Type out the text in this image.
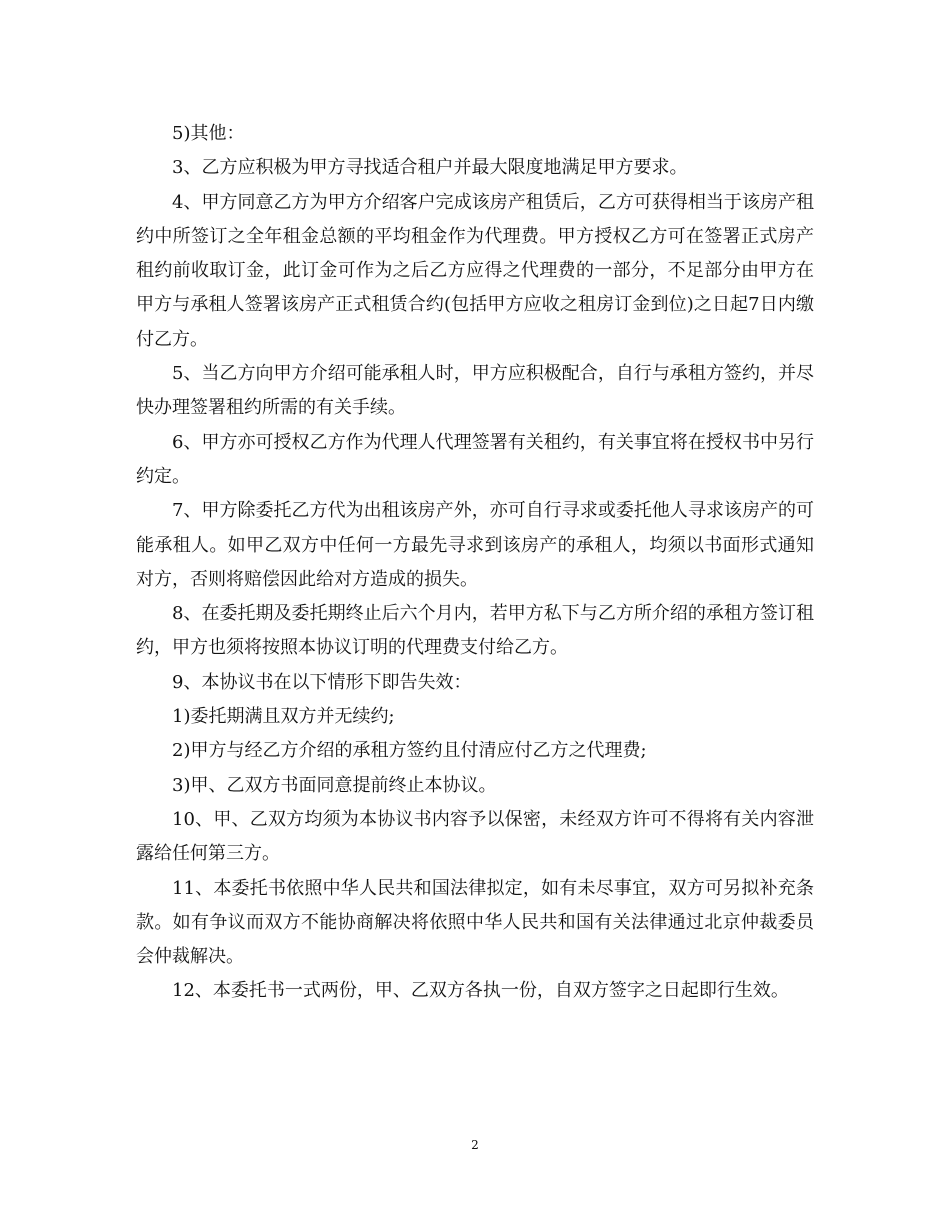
5)其他：

3、乙方应积极为甲方寻找适合租户并最大限度地满足甲方要求。

4、甲方同意乙方为甲方介绍客户完成该房产租赁后，乙方可获得相当于该房产租约中所签订之全年租金总额的平均租金作为代理费。甲方授权乙方可在签署正式房产租约前收取订金，此订金可作为之后乙方应得之代理费的一部分，不足部分由甲方在甲方与承租人签署该房产正式租赁合约(包括甲方应收之租房订金到位)之日起7日内缴付乙方。

5、当乙方向甲方介绍可能承租人时，甲方应积极配合，自行与承租方签约，并尽快办理签署租约所需的有关手续。

6、甲方亦可授权乙方作为代理人代理签署有关租约，有关事宜将在授权书中另行约定。

7、甲方除委托乙方代为出租该房产外，亦可自行寻求或委托他人寻求该房产的可能承租人。如甲乙双方中任何一方最先寻求到该房产的承租人，均须以书面形式通知对方，否则将赔偿因此给对方造成的损失。

8、在委托期及委托期终止后六个月内，若甲方私下与乙方所介绍的承租方签订租约，甲方也须将按照本协议订明的代理费支付给乙方。

9、本协议书在以下情形下即告失效：

1)委托期满且双方并无续约;

2)甲方与经乙方介绍的承租方签约且付清应付乙方之代理费;

3)甲、乙双方书面同意提前终止本协议。

10、甲、乙双方均须为本协议书内容予以保密，未经双方许可不得将有关内容泄露给任何第三方。

11、本委托书依照中华人民共和国法律拟定，如有未尽事宜，双方可另拟补充条款。如有争议而双方不能协商解决将依照中华人民共和国有关法律通过北京仲裁委员会仲裁解决。

12、本委托书一式两份，甲、乙双方各执一份，自双方签字之日起即行生效。

2
